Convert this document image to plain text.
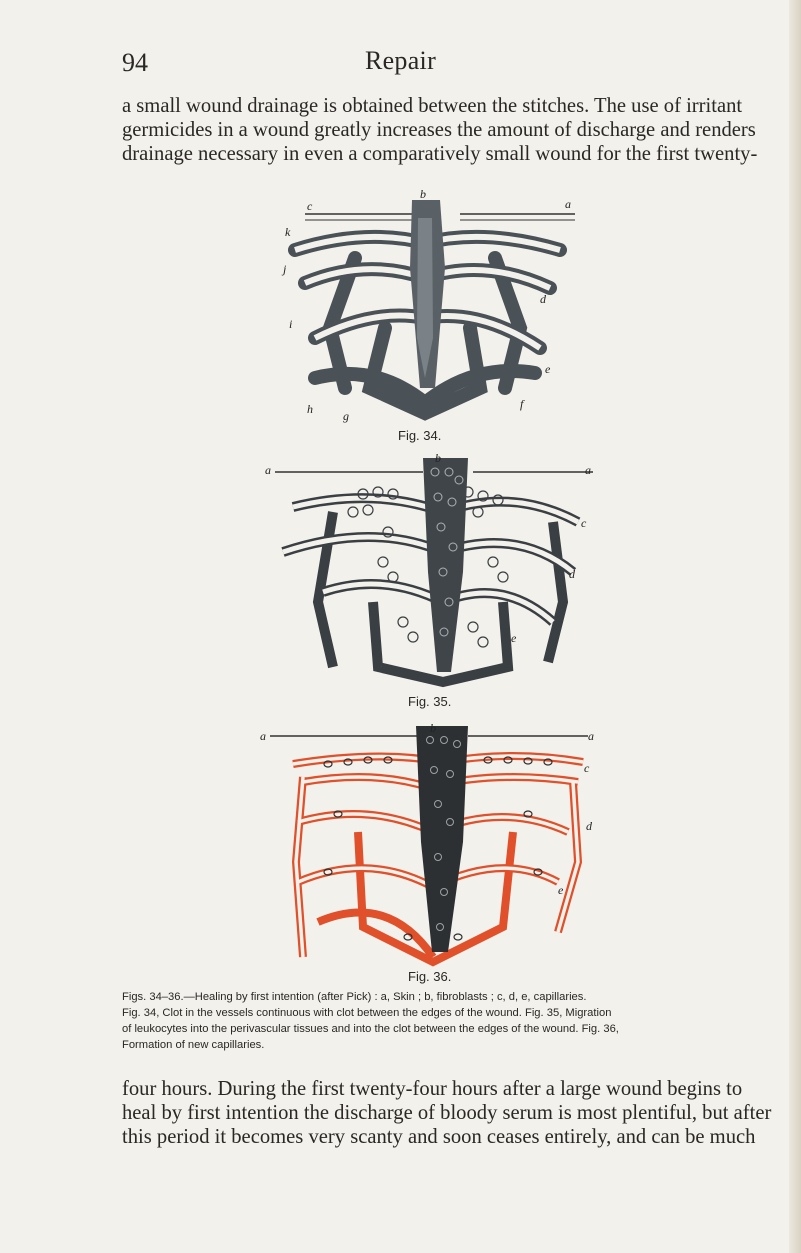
94	Repair
a small wound drainage is obtained between the stitches. The use of irritant
germicides in a wound greatly increases the amount of discharge and renders
drainage necessary in even a comparatively small wound for the first twenty-
b
a
c
d
e
f
g
h
i
j
k
Fig. 34.
b
a	a
c
d
e
Fig. 35.
b
a	a
c
d
e
Fig. 36.
Figs. 34–36.—Healing by first intention (after Pick) : a, Skin ; b, fibroblasts ; c, d, e, capillaries.
Fig. 34, Clot in the vessels continuous with clot between the edges of the wound. Fig. 35, Migration
of leukocytes into the perivascular tissues and into the clot between the edges of the wound. Fig. 36,
Formation of new capillaries.
four hours. During the first twenty-four hours after a large wound begins to
heal by first intention the discharge of bloody serum is most plentiful, but after
this period it becomes very scanty and soon ceases entirely, and can be much
